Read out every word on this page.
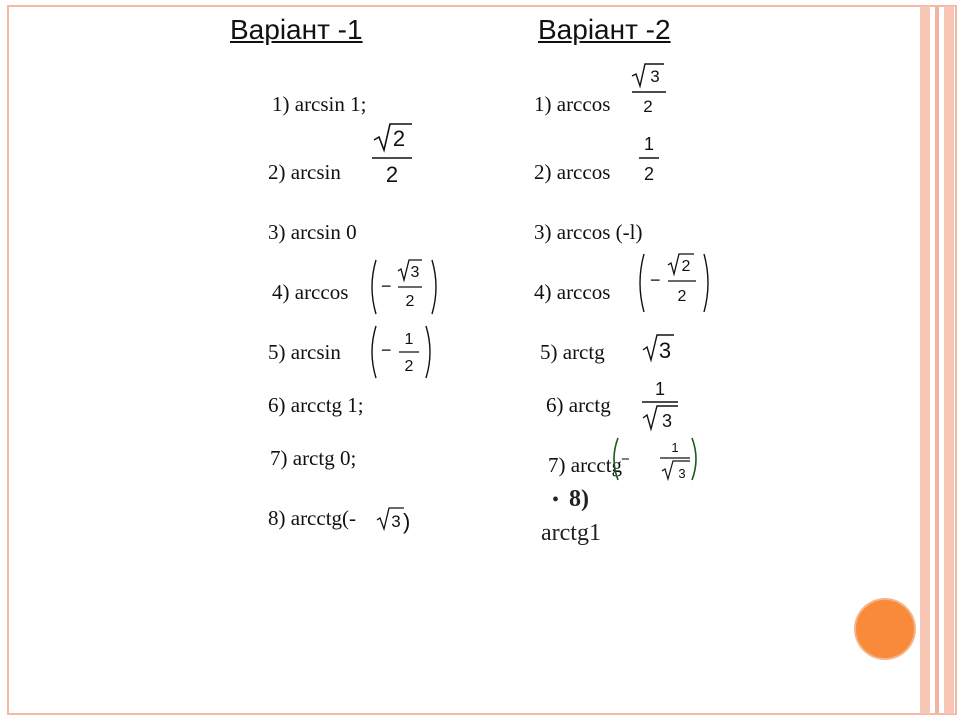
Варіант -1	Варіант -2
1) arcsin 1;
2) arcsin
2
2
3) arcsin 0
4) arccos −
3
2
5) arcsin −
1
2
6) arcctg 1;
7) arctg 0;
8) arcctg(- 3 )
1) arccos
3
2
2) arccos
1
2
3) arccos (-l)
4) arccos −
2
2
5) arctg 3
6) arctg
1
3
7) arcctg
−
1
3
• 8)
arctg1
